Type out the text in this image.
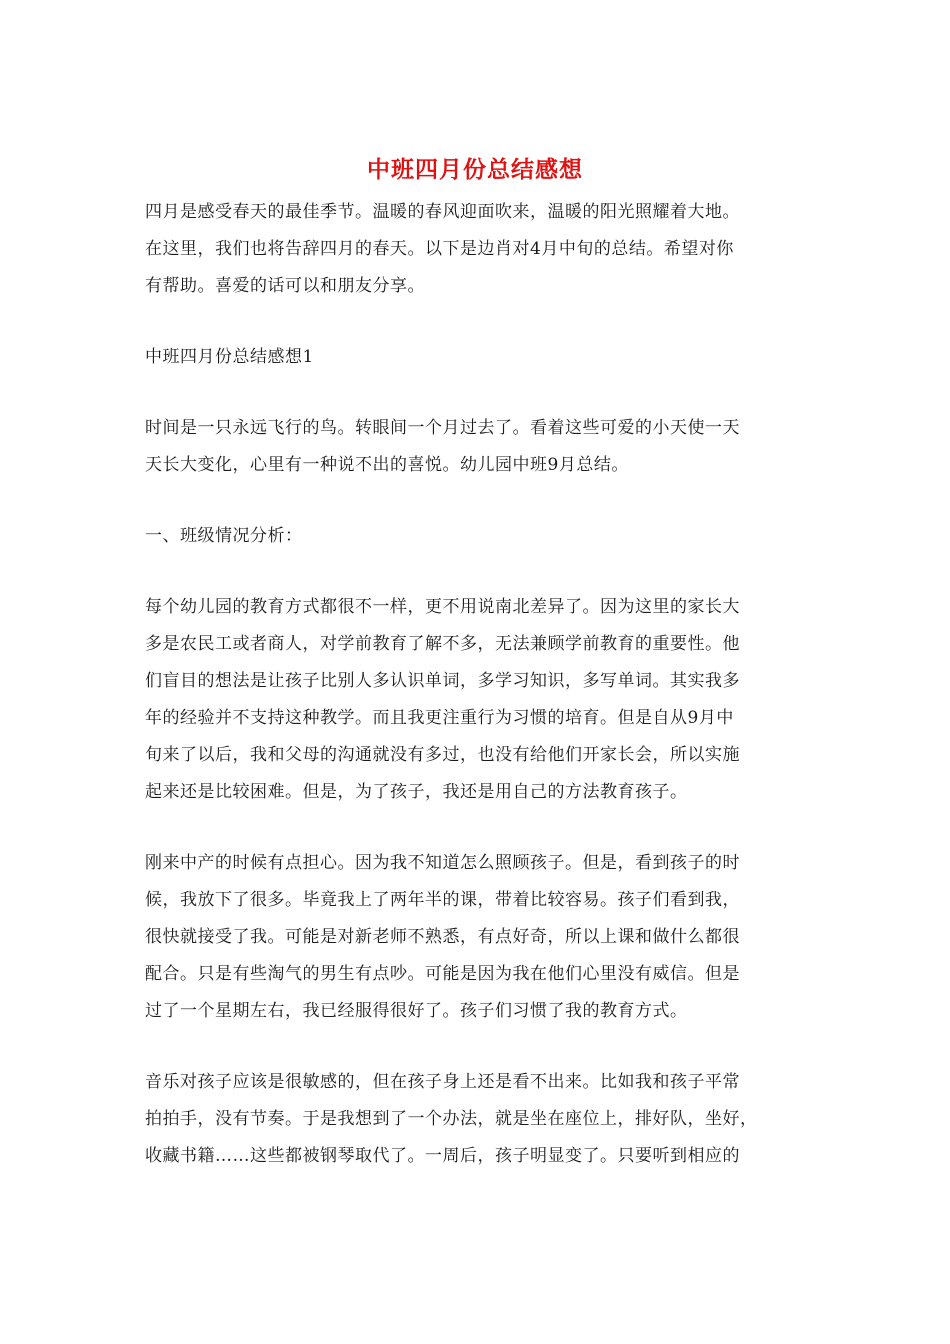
中班四月份总结感想

四月是感受春天的最佳季节。温暖的春风迎面吹来，温暖的阳光照耀着大地。
在这里，我们也将告辞四月的春天。以下是边肖对4月中旬的总结。希望对你
有帮助。喜爱的话可以和朋友分享。

中班四月份总结感想1

时间是一只永远飞行的鸟。转眼间一个月过去了。看着这些可爱的小天使一天
天长大变化，心里有一种说不出的喜悦。幼儿园中班9月总结。

一、班级情况分析：

每个幼儿园的教育方式都很不一样，更不用说南北差异了。因为这里的家长大
多是农民工或者商人，对学前教育了解不多，无法兼顾学前教育的重要性。他
们盲目的想法是让孩子比别人多认识单词，多学习知识，多写单词。其实我多
年的经验并不支持这种教学。而且我更注重行为习惯的培育。但是自从9月中
旬来了以后，我和父母的沟通就没有多过，也没有给他们开家长会，所以实施
起来还是比较困难。但是，为了孩子，我还是用自己的方法教育孩子。

刚来中产的时候有点担心。因为我不知道怎么照顾孩子。但是，看到孩子的时
候，我放下了很多。毕竟我上了两年半的课，带着比较容易。孩子们看到我，
很快就接受了我。可能是对新老师不熟悉，有点好奇，所以上课和做什么都很
配合。只是有些淘气的男生有点吵。可能是因为我在他们心里没有威信。但是
过了一个星期左右，我已经服得很好了。孩子们习惯了我的教育方式。

音乐对孩子应该是很敏感的，但在孩子身上还是看不出来。比如我和孩子平常
拍拍手，没有节奏。于是我想到了一个办法，就是坐在座位上，排好队，坐好，
收藏书籍……这些都被钢琴取代了。一周后，孩子明显变了。只要听到相应的
